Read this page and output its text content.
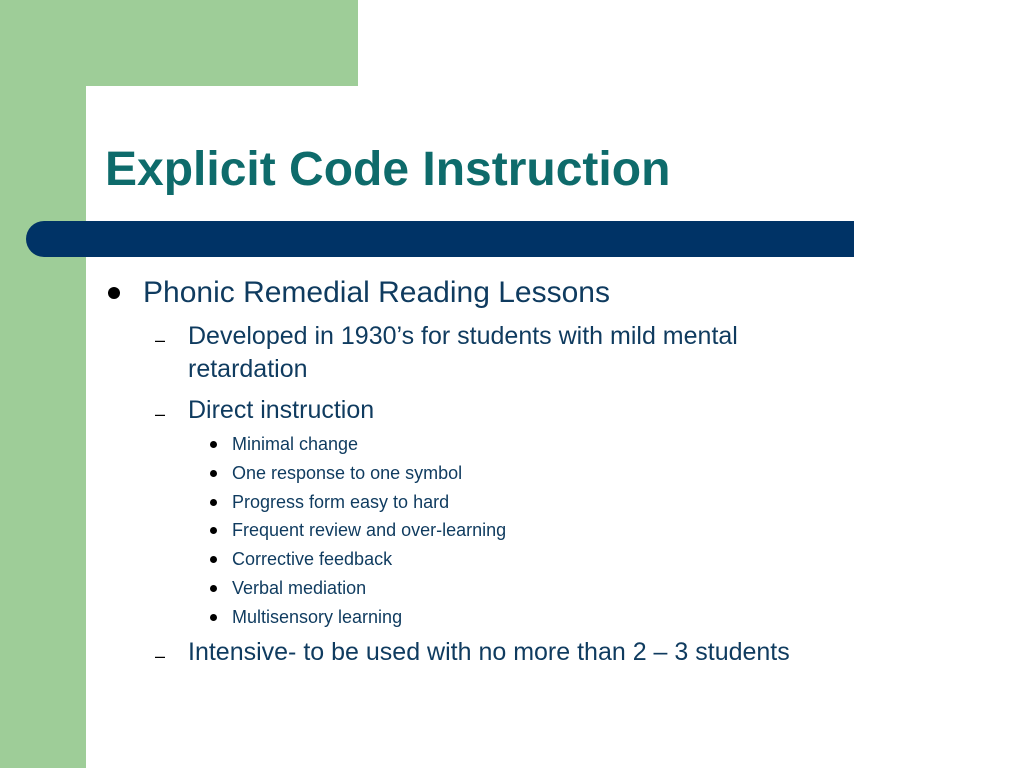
Explicit Code Instruction
Phonic Remedial Reading Lessons
– Developed in 1930’s for students with mild mental
retardation
– Direct instruction
Minimal change
One response to one symbol
Progress form easy to hard
Frequent review and over-learning
Corrective feedback
Verbal mediation
Multisensory learning
– Intensive- to be used with no more than 2 – 3 students
